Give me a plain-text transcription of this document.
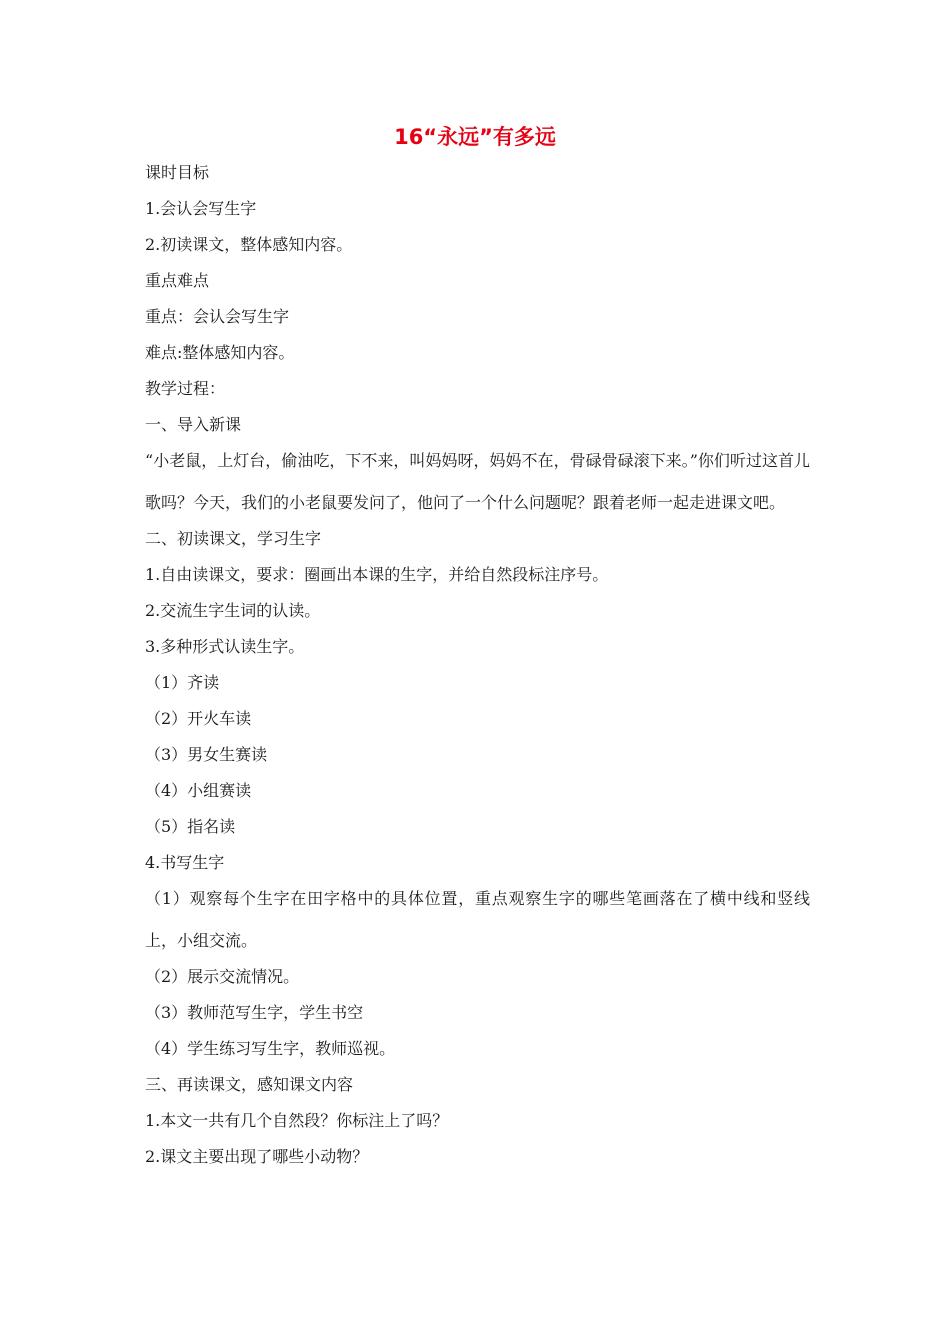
16“永远”有多远
课时目标
1.会认会写生字
2.初读课文，整体感知内容。
重点难点
重点：会认会写生字
难点:整体感知内容。
教学过程：
一、导入新课
“小老鼠，上灯台，偷油吃，下不来，叫妈妈呀，妈妈不在，骨碌骨碌滚下来。”你们听过这首儿歌吗？今天，我们的小老鼠要发问了，他问了一个什么问题呢？跟着老师一起走进课文吧。
二、初读课文，学习生字
1.自由读课文，要求：圈画出本课的生字，并给自然段标注序号。
2.交流生字生词的认读。
3.多种形式认读生字。
（1）齐读
（2）开火车读
（3）男女生赛读
（4）小组赛读
（5）指名读
4.书写生字
（1）观察每个生字在田字格中的具体位置，重点观察生字的哪些笔画落在了横中线和竖线上，小组交流。
（2）展示交流情况。
（3）教师范写生字，学生书空
（4）学生练习写生字，教师巡视。
三、再读课文，感知课文内容
1.本文一共有几个自然段？你标注上了吗？
2.课文主要出现了哪些小动物？
